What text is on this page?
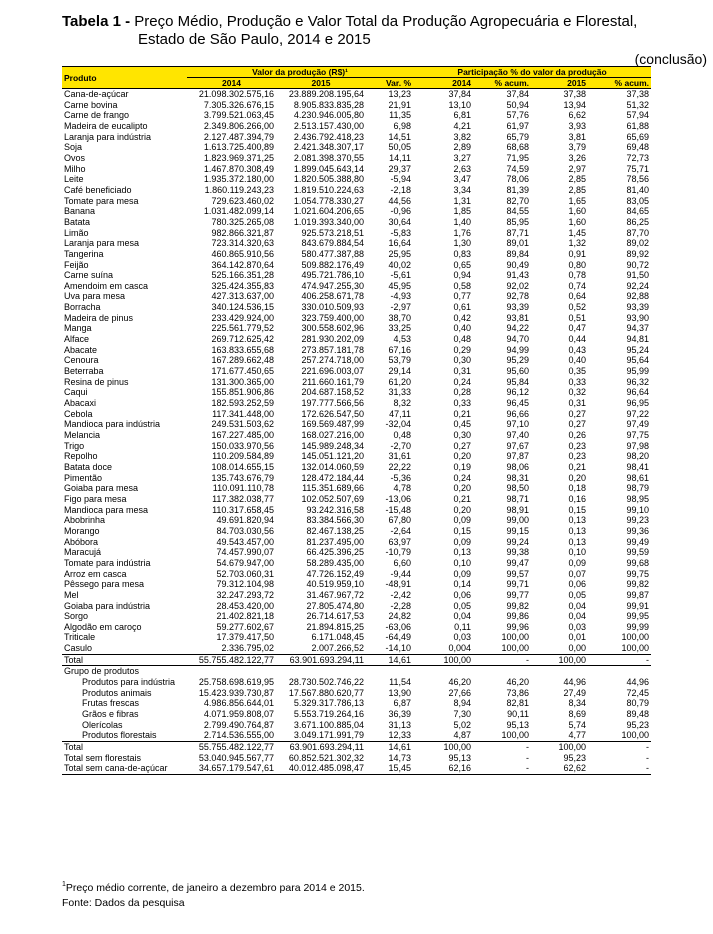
Tabela 1 - Preço Médio, Produção e Valor Total da Produção Agropecuária e Florestal,
Estado de São Paulo, 2014 e 2015
(conclusão)
Produto	Valor da produção (R$)¹			Participação % do valor da produção			
	2014	2015	Var. %	2014	% acum.	2015	% acum.
Cana-de-açúcar	21.098.302.575,16	23.889.208.195,64	13,23	37,84	37,84	37,38	37,38
Carne bovina	7.305.326.676,15	8.905.833.835,28	21,91	13,10	50,94	13,94	51,32
Carne de frango	3.799.521.063,45	4.230.946.005,80	11,35	6,81	57,76	6,62	57,94
Madeira de eucalipto	2.349.806.266,00	2.513.157.430,00	6,98	4,21	61,97	3,93	61,88
Laranja para indústria	2.127.487.394,79	2.436.792.418,23	14,51	3,82	65,79	3,81	65,69
Soja	1.613.725.400,89	2.421.348.307,17	50,05	2,89	68,68	3,79	69,48
Ovos	1.823.969.371,25	2.081.398.370,55	14,11	3,27	71,95	3,26	72,73
Milho	1.467.870.308,49	1.899.045.643,14	29,37	2,63	74,59	2,97	75,71
Leite	1.935.372.180,00	1.820.505.388,80	-5,94	3,47	78,06	2,85	78,56
Café beneficiado	1.860.119.243,23	1.819.510.224,63	-2,18	3,34	81,39	2,85	81,40
Tomate para mesa	729.623.460,02	1.054.778.330,27	44,56	1,31	82,70	1,65	83,05
Banana	1.031.482.099,14	1.021.604.206,65	-0,96	1,85	84,55	1,60	84,65
Batata	780.325.265,08	1.019.393.340,00	30,64	1,40	85,95	1,60	86,25
Limão	982.866.321,87	925.573.218,51	-5,83	1,76	87,71	1,45	87,70
Laranja para mesa	723.314.320,63	843.679.884,54	16,64	1,30	89,01	1,32	89,02
Tangerina	460.865.910,56	580.477.387,88	25,95	0,83	89,84	0,91	89,92
Feijão	364.142.870,64	509.882.176,49	40,02	0,65	90,49	0,80	90,72
Carne suína	525.166.351,28	495.721.786,10	-5,61	0,94	91,43	0,78	91,50
Amendoim em casca	325.424.355,83	474.947.255,30	45,95	0,58	92,02	0,74	92,24
Uva para mesa	427.313.637,00	406.258.671,78	-4,93	0,77	92,78	0,64	92,88
Borracha	340.124.536,15	330.010.509,93	-2,97	0,61	93,39	0,52	93,39
Madeira de pinus	233.429.924,00	323.759.400,00	38,70	0,42	93,81	0,51	93,90
Manga	225.561.779,52	300.558.602,96	33,25	0,40	94,22	0,47	94,37
Alface	269.712.625,42	281.930.202,09	4,53	0,48	94,70	0,44	94,81
Abacate	163.833.655,68	273.857.181,78	67,16	0,29	94,99	0,43	95,24
Cenoura	167.289.662,48	257.274.718,00	53,79	0,30	95,29	0,40	95,64
Beterraba	171.677.450,65	221.696.003,07	29,14	0,31	95,60	0,35	95,99
Resina de pinus	131.300.365,00	211.660.161,79	61,20	0,24	95,84	0,33	96,32
Caqui	155.851.906,86	204.687.158,52	31,33	0,28	96,12	0,32	96,64
Abacaxi	182.593.252,59	197.777.566,56	8,32	0,33	96,45	0,31	96,95
Cebola	117.341.448,00	172.626.547,50	47,11	0,21	96,66	0,27	97,22
Mandioca para indústria	249.531.503,62	169.569.487,99	-32,04	0,45	97,10	0,27	97,49
Melancia	167.227.485,00	168.027.216,00	0,48	0,30	97,40	0,26	97,75
Trigo	150.033.970,56	145.989.248,34	-2,70	0,27	97,67	0,23	97,98
Repolho	110.209.584,89	145.051.121,20	31,61	0,20	97,87	0,23	98,20
Batata doce	108.014.655,15	132.014.060,59	22,22	0,19	98,06	0,21	98,41
Pimentão	135.743.676,79	128.472.184,44	-5,36	0,24	98,31	0,20	98,61
Goiaba para mesa	110.091.110,78	115.351.689,66	4,78	0,20	98,50	0,18	98,79
Figo para mesa	117.382.038,77	102.052.507,69	-13,06	0,21	98,71	0,16	98,95
Mandioca para mesa	110.317.658,45	93.242.316,58	-15,48	0,20	98,91	0,15	99,10
Abobrinha	49.691.820,94	83.384.566,30	67,80	0,09	99,00	0,13	99,23
Morango	84.703.030,56	82.467.138,25	-2,64	0,15	99,15	0,13	99,36
Abóbora	49.543.457,00	81.237.495,00	63,97	0,09	99,24	0,13	99,49
Maracujá	74.457.990,07	66.425.396,25	-10,79	0,13	99,38	0,10	99,59
Tomate para indústria	54.679.947,00	58.289.435,00	6,60	0,10	99,47	0,09	99,68
Arroz em casca	52.703.060,31	47.726.152,49	-9,44	0,09	99,57	0,07	99,75
Pêssego para mesa	79.312.104,98	40.519.959,10	-48,91	0,14	99,71	0,06	99,82
Mel	32.247.293,72	31.467.967,72	-2,42	0,06	99,77	0,05	99,87
Goiaba para indústria	28.453.420,00	27.805.474,80	-2,28	0,05	99,82	0,04	99,91
Sorgo	21.402.821,18	26.714.617,53	24,82	0,04	99,86	0,04	99,95
Algodão em caroço	59.277.602,67	21.894.815,25	-63,06	0,11	99,96	0,03	99,99
Triticale	17.379.417,50	6.171.048,45	-64,49	0,03	100,00	0,01	100,00
Casulo	2.336.795,02	2.007.266,52	-14,10	0,004	100,00	0,00	100,00
Total	55.755.482.122,77	63.901.693.294,11	14,61	100,00	-	100,00	-
Grupo de produtos							
Produtos para indústria	25.758.698.619,95	28.730.502.746,22	11,54	46,20	46,20	44,96	44,96
Produtos animais	15.423.939.730,87	17.567.880.620,77	13,90	27,66	73,86	27,49	72,45
Frutas frescas	4.986.856.644,01	5.329.317.786,13	6,87	8,94	82,81	8,34	80,79
Grãos e fibras	4.071.959.808,07	5.553.719.264,16	36,39	7,30	90,11	8,69	89,48
Olerícolas	2.799.490.764,87	3.671.100.885,04	31,13	5,02	95,13	5,74	95,23
Produtos florestais	2.714.536.555,00	3.049.171.991,79	12,33	4,87	100,00	4,77	100,00
Total	55.755.482.122,77	63.901.693.294,11	14,61	100,00	-	100,00	-
Total sem florestais	53.040.945.567,77	60.852.521.302,32	14,73	95,13	-	95,23	-
Total sem cana-de-açúcar	34.657.179.547,61	40.012.485.098,47	15,45	62,16	-	62,62	-
$^1$Preço médio corrente, de janeiro a dezembro para 2014 e 2015.
Fonte: Dados da pesquisa
